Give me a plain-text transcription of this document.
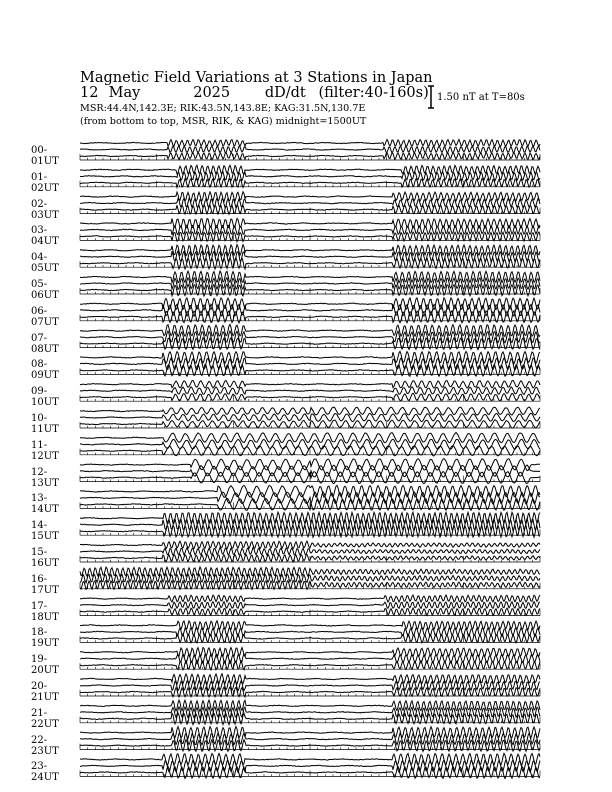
Magnetic Field Variations at 3 Stations in Japan
12 May	2025 dD/dt (filter:40-160s)
MSR:44.4N,142.3E; RIK:43.5N,143.8E; KAG:31.5N,130.7E
(from bottom to top, MSR, RIK, & KAG) midnight=1500UT
1.50 nT at T=80s
00-01UT
01-02UT
02-03UT
03-04UT
04-05UT
05-06UT
06-07UT
07-08UT
08-09UT
09-10UT
10-11UT
11-12UT
12-13UT
13-14UT
14-15UT
15-16UT
16-17UT
17-18UT
18-19UT
19-20UT
20-21UT
21-22UT
22-23UT
23-24UT
